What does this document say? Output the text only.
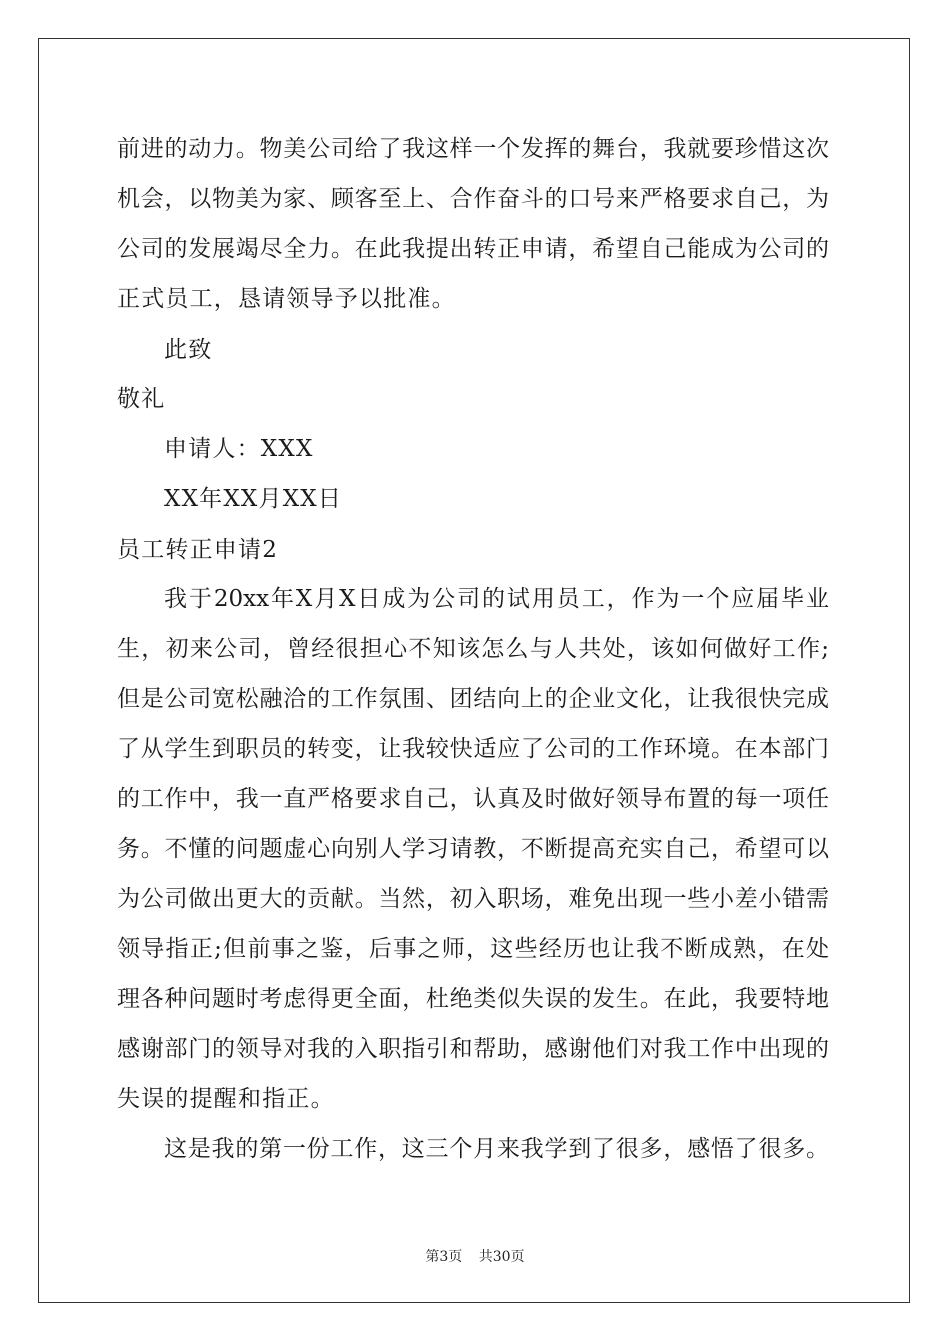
前进的动力。物美公司给了我这样一个发挥的舞台，我就要珍惜这次
机会，以物美为家、顾客至上、合作奋斗的口号来严格要求自己，为
公司的发展竭尽全力。在此我提出转正申请，希望自己能成为公司的
正式员工，恳请领导予以批准。
此致
敬礼
申请人：XXX
XX年XX月XX日
员工转正申请2
我于20xx年X月X日成为公司的试用员工，作为一个应届毕业
生，初来公司，曾经很担心不知该怎么与人共处，该如何做好工作;
但是公司宽松融洽的工作氛围、团结向上的企业文化，让我很快完成
了从学生到职员的转变，让我较快适应了公司的工作环境。在本部门
的工作中，我一直严格要求自己，认真及时做好领导布置的每一项任
务。不懂的问题虚心向别人学习请教，不断提高充实自己，希望可以
为公司做出更大的贡献。当然，初入职场，难免出现一些小差小错需
领导指正;但前事之鉴，后事之师，这些经历也让我不断成熟，在处
理各种问题时考虑得更全面，杜绝类似失误的发生。在此，我要特地
感谢部门的领导对我的入职指引和帮助，感谢他们对我工作中出现的
失误的提醒和指正。
这是我的第一份工作，这三个月来我学到了很多，感悟了很多。
第3页 共30页
